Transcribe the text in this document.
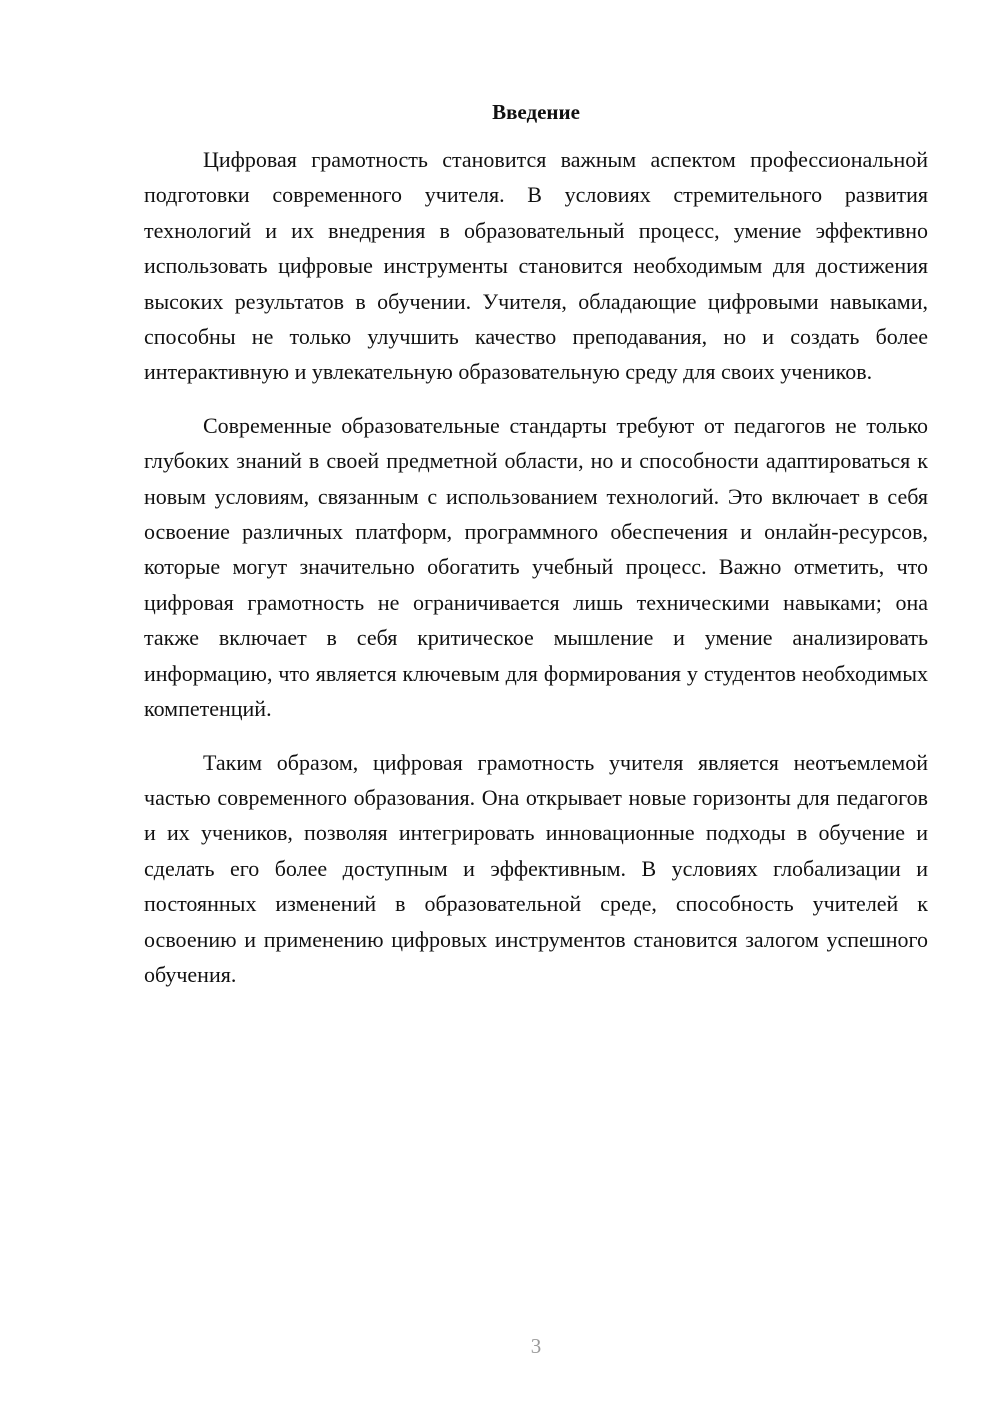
Введение

Цифровая грамотность становится важным аспектом профессиональной подготовки современного учителя. В условиях стремительного развития технологий и их внедрения в образовательный процесс, умение эффективно использовать цифровые инструменты становится необходимым для достижения высоких результатов в обучении. Учителя, обладающие цифровыми навыками, способны не только улучшить качество преподавания, но и создать более интерактивную и увлекательную образовательную среду для своих учеников.

Современные образовательные стандарты требуют от педагогов не только глубоких знаний в своей предметной области, но и способности адаптироваться к новым условиям, связанным с использованием технологий. Это включает в себя освоение различных платформ, программного обеспечения и онлайн-ресурсов, которые могут значительно обогатить учебный процесс. Важно отметить, что цифровая грамотность не ограничивается лишь техническими навыками; она также включает в себя критическое мышление и умение анализировать информацию, что является ключевым для формирования у студентов необходимых компетенций.

Таким образом, цифровая грамотность учителя является неотъемлемой частью современного образования. Она открывает новые горизонты для педагогов и их учеников, позволяя интегрировать инновационные подходы в обучение и сделать его более доступным и эффективным. В условиях глобализации и постоянных изменений в образовательной среде, способность учителей к освоению и применению цифровых инструментов становится залогом успешного обучения.

3
